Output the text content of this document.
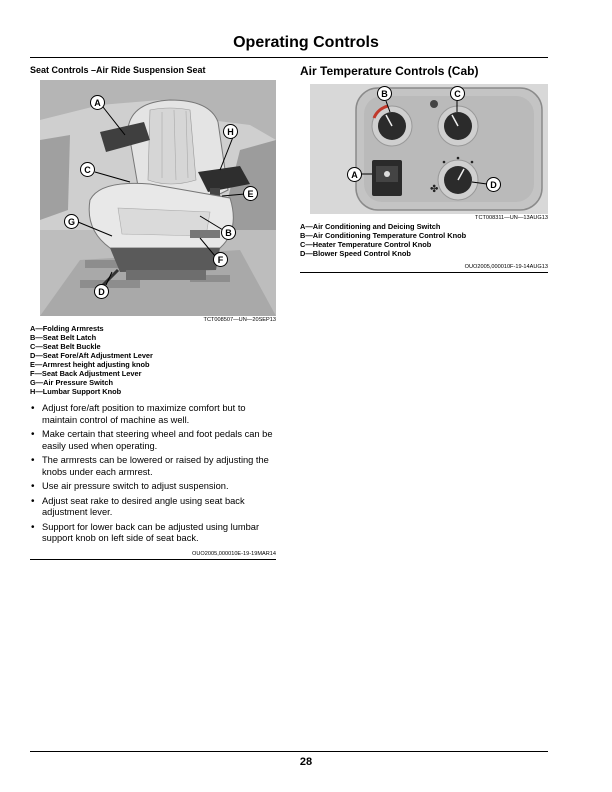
Operating Controls
Seat Controls –Air Ride Suspension Seat
A
H
C
E
G
B
F
D
TCT008507—UN—20SEP13
A—Folding Armrests
B—Seat Belt Latch
C—Seat Belt Buckle
D—Seat Fore/Aft Adjustment Lever
E—Armrest height adjusting knob
F—Seat Back Adjustment Lever
G—Air Pressure Switch
H—Lumbar Support Knob
• Adjust fore/aft position to maximize comfort but to maintain control of machine as well.
• Make certain that steering wheel and foot pedals can be easily used when operating.
• The armrests can be lowered or raised by adjusting the knobs under each armrest.
• Use air pressure switch to adjust suspension.
• Adjust seat rake to desired angle using seat back adjustment lever.
• Support for lower back can be adjusted using lumbar support knob on left side of seat back.
OUO2005,000010E-19-19MAR14
Air Temperature Controls (Cab)
✤
B	C
A
D
TCT008311—UN—13AUG13
A—Air Conditioning and Deicing Switch
B—Air Conditioning Temperature Control Knob
C—Heater Temperature Control Knob
D—Blower Speed Control Knob
OUO2005,000010F-19-14AUG13
28
